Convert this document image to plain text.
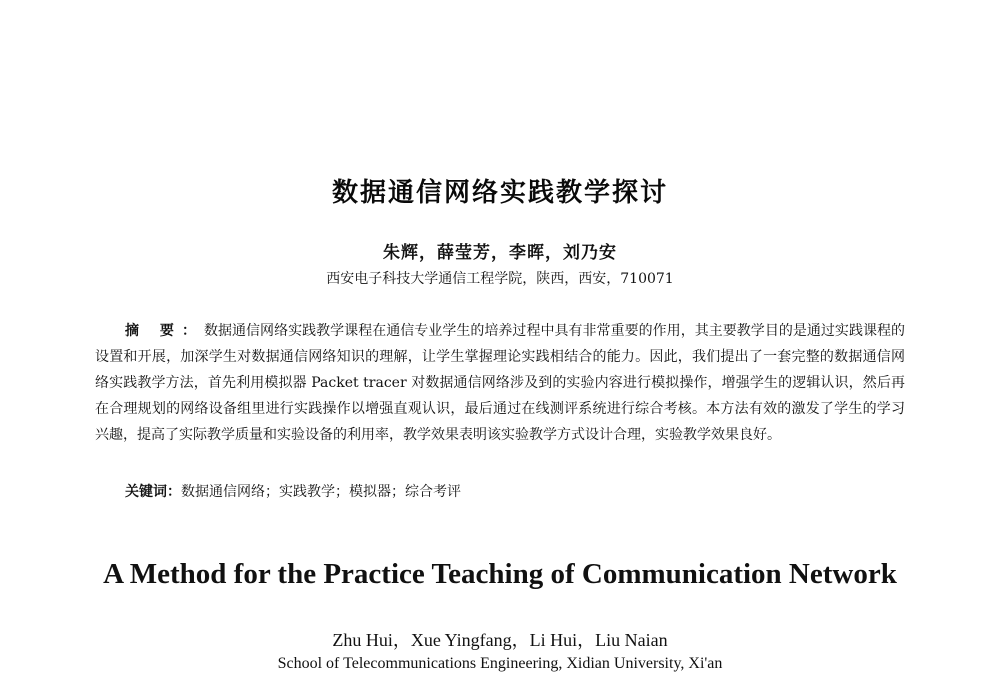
数据通信网络实践教学探讨
朱辉，薛莹芳，李晖，刘乃安
西安电子科技大学通信工程学院，陕西，西安，710071

摘 要：数据通信网络实践教学课程在通信专业学生的培养过程中具有非常重要的作用，其主要教学目的是通过实践课程的设置和开展，加深学生对数据通信网络知识的理解，让学生掌握理论实践相结合的能力。因此，我们提出了一套完整的数据通信网络实践教学方法，首先利用模拟器 Packet tracer 对数据通信网络涉及到的实验内容进行模拟操作，增强学生的逻辑认识，然后再在合理规划的网络设备组里进行实践操作以增强直观认识，最后通过在线测评系统进行综合考核。本方法有效的激发了学生的学习兴趣，提高了实际教学质量和实验设备的利用率，教学效果表明该实验教学方式设计合理，实验教学效果良好。

关键词：数据通信网络；实践教学；模拟器；综合考评
A Method for the Practice Teaching of Communication Network
Zhu Hui，Xue Yingfang，Li Hui，Liu Naian
School of Telecommunications Engineering, Xidian University, Xi'an
